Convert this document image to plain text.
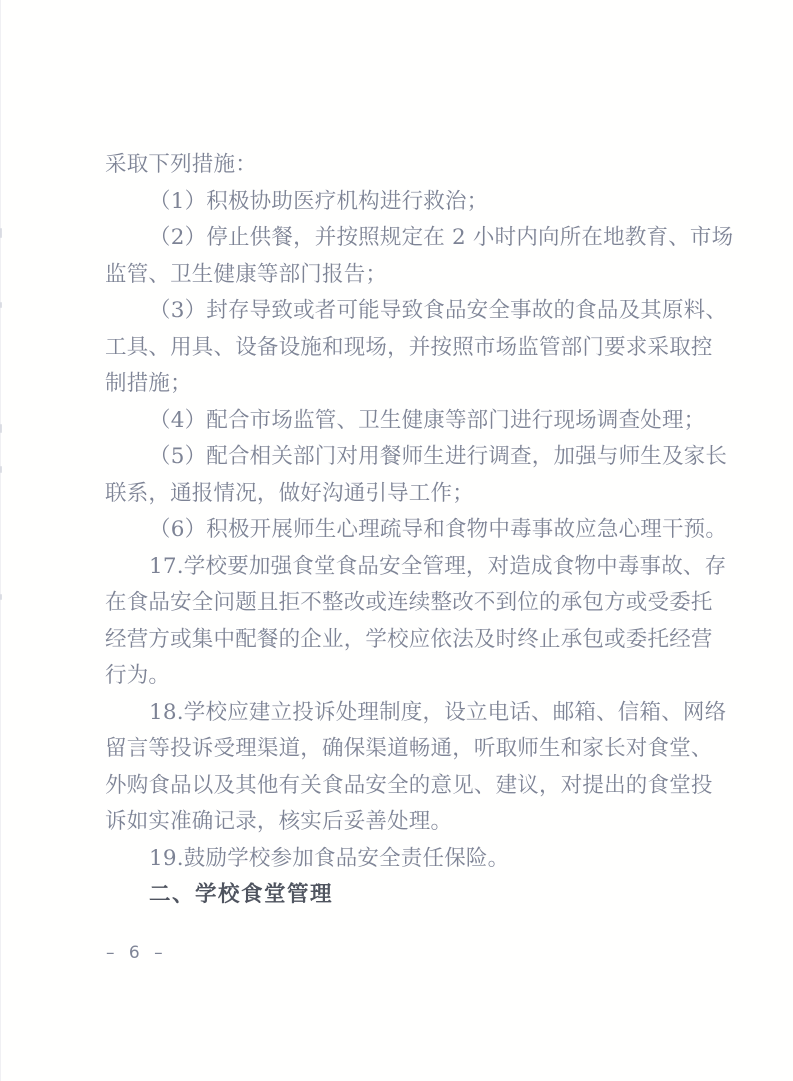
采取下列措施：
（1）积极协助医疗机构进行救治；
（2）停止供餐，并按照规定在 2 小时内向所在地教育、市场
监管、卫生健康等部门报告；
（3）封存导致或者可能导致食品安全事故的食品及其原料、
工具、用具、设备设施和现场，并按照市场监管部门要求采取控
制措施；
（4）配合市场监管、卫生健康等部门进行现场调查处理；
（5）配合相关部门对用餐师生进行调查，加强与师生及家长
联系，通报情况，做好沟通引导工作；
（6）积极开展师生心理疏导和食物中毒事故应急心理干预。
17.学校要加强食堂食品安全管理，对造成食物中毒事故、存
在食品安全问题且拒不整改或连续整改不到位的承包方或受委托
经营方或集中配餐的企业，学校应依法及时终止承包或委托经营
行为。
18.学校应建立投诉处理制度，设立电话、邮箱、信箱、网络
留言等投诉受理渠道，确保渠道畅通，听取师生和家长对食堂、
外购食品以及其他有关食品安全的意见、建议，对提出的食堂投
诉如实准确记录，核实后妥善处理。
19.鼓励学校参加食品安全责任保险。
二、学校食堂管理
– 6 –
